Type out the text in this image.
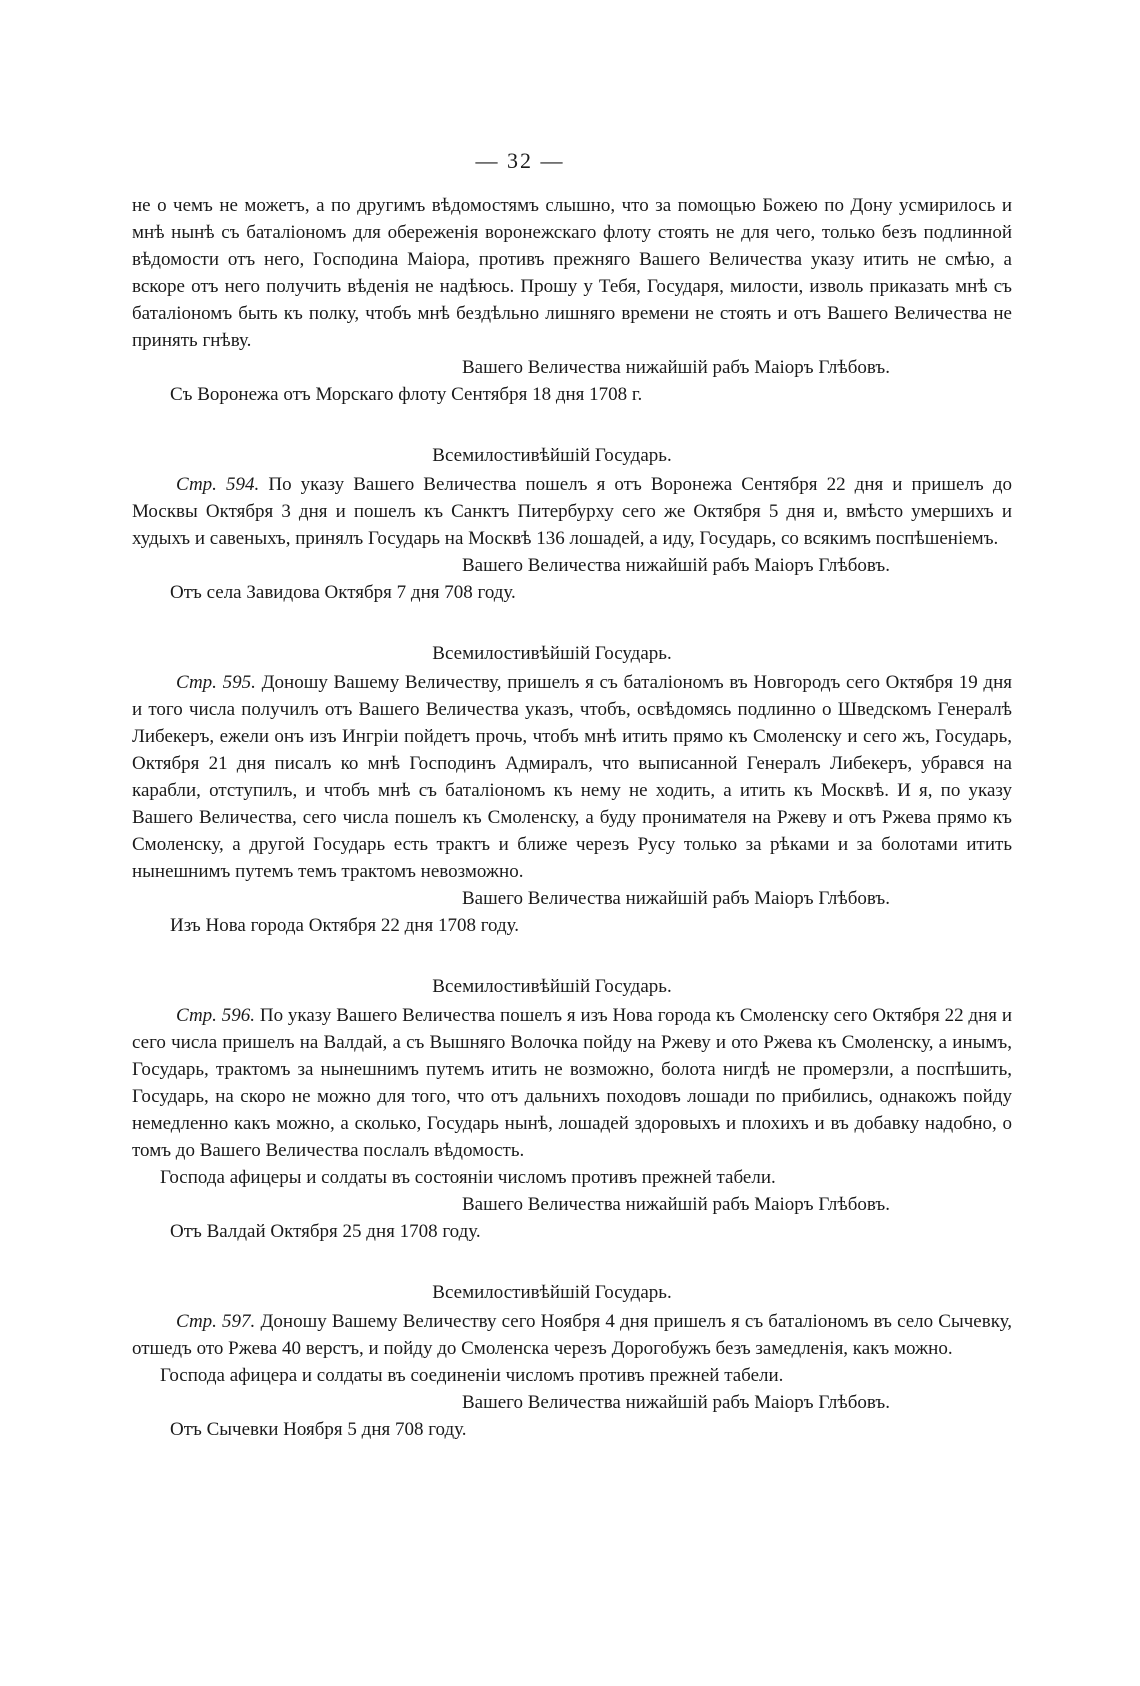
— 32 —

не о чемъ не можетъ, а по другимъ вѣдомостямъ слышно, что за помощью Божею по Дону усмирилось и мнѣ нынѣ съ баталіономъ для обереженія воронежскаго флоту стоять не для чего, только безъ подлинной вѣдомости отъ него, Господина Маіора, противъ прежняго Вашего Величества указу итить не смѣю, а вскоре отъ него получить вѣденія не надѣюсь. Прошу у Тебя, Государя, милости, изволь приказать мнѣ съ баталіономъ быть къ полку, чтобъ мнѣ бездѣльно лишняго времени не стоять и отъ Вашего Величества не принять гнѣву.

Вашего Величества нижайшій рабъ Маіоръ Глѣбовъ.

Съ Воронежа отъ Морскаго флоту Сентября 18 дня 1708 г.

Всемилостивѣйшій Государь.

Стр. 594. По указу Вашего Величества пошелъ я отъ Воронежа Сентября 22 дня и пришелъ до Москвы Октября 3 дня и пошелъ къ Санктъ Питербурху сего же Октября 5 дня и, вмѣсто умершихъ и худыхъ и савеныхъ, принялъ Государь на Москвѣ 136 лошадей, а иду, Государь, со всякимъ поспѣшеніемъ.

Вашего Величества нижайшій рабъ Маіоръ Глѣбовъ.

Отъ села Завидова Октября 7 дня 708 году.

Всемилостивѣйшій Государь.

Стр. 595. Доношу Вашему Величеству, пришелъ я съ баталіономъ въ Новгородъ сего Октября 19 дня и того числа получилъ отъ Вашего Величества указъ, чтобъ, освѣдомясь подлинно о Шведскомъ Генералѣ Либекеръ, ежели онъ изъ Ингріи пойдетъ прочь, чтобъ мнѣ итить прямо къ Смоленску и сего жъ, Государь, Октября 21 дня писалъ ко мнѣ Господинъ Адмиралъ, что выписанной Генералъ Либекеръ, убрався на карабли, отступилъ, и чтобъ мнѣ съ баталіономъ къ нему не ходить, а итить къ Москвѣ. И я, по указу Вашего Величества, сего числа пошелъ къ Смоленску, а буду пронимателя на Ржеву и отъ Ржева прямо къ Смоленску, а другой Государь есть трактъ и ближе черезъ Русу только за рѣками и за болотами итить нынешнимъ путемъ темъ трактомъ невозможно.

Вашего Величества нижайшій рабъ Маіоръ Глѣбовъ.

Изъ Нова города Октября 22 дня 1708 году.

Всемилостивѣйшій Государь.

Стр. 596. По указу Вашего Величества пошелъ я изъ Нова города къ Смоленску сего Октября 22 дня и сего числа пришелъ на Валдай, а съ Вышняго Волочка пойду на Ржеву и ото Ржева къ Смоленску, а инымъ, Государь, трактомъ за нынешнимъ путемъ итить не возможно, болота нигдѣ не промерзли, а поспѣшить, Государь, на скоро не можно для того, что отъ дальнихъ походовъ лошади по прибились, однакожъ пойду немедленно какъ можно, а сколько, Государь нынѣ, лошадей здоровыхъ и плохихъ и въ добавку надобно, о томъ до Вашего Величества послалъ вѣдомость.

Господа афицеры и солдаты въ состояніи числомъ противъ прежней табели.

Вашего Величества нижайшій рабъ Маіоръ Глѣбовъ.

Отъ Валдай Октября 25 дня 1708 году.

Всемилостивѣйшій Государь.

Стр. 597. Доношу Вашему Величеству сего Ноября 4 дня пришелъ я съ баталіономъ въ село Сычевку, отшедъ ото Ржева 40 верстъ, и пойду до Смоленска черезъ Дорогобужъ безъ замедленія, какъ можно.

Господа афицера и солдаты въ соединеніи числомъ противъ прежней табели.

Вашего Величества нижайшій рабъ Маіоръ Глѣбовъ.

Отъ Сычевки Ноября 5 дня 708 году.
